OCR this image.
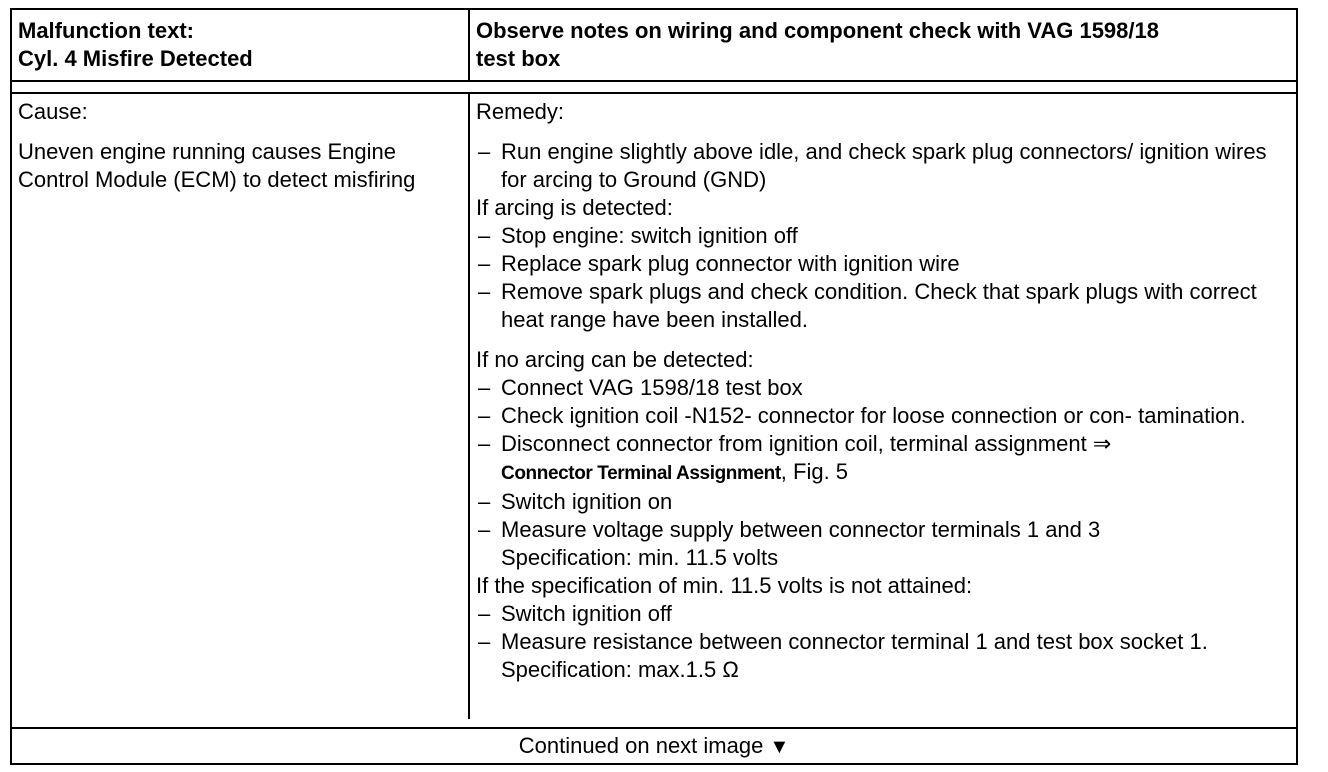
Malfunction text:
Cyl. 4 Misfire Detected
Observe notes on wiring and component check with VAG 1598/18
test box

Cause:

Uneven engine running causes Engine Control Module (ECM) to detect misfiring

Remedy:

– Run engine slightly above idle, and check spark plug connectors/ ignition wires for arcing to Ground (GND)

If arcing is detected:

– Stop engine: switch ignition off
– Replace spark plug connector with ignition wire
– Remove spark plugs and check condition. Check that spark plugs with correct heat range have been installed.

If no arcing can be detected:

– Connect VAG 1598/18 test box
– Check ignition coil -N152- connector for loose connection or con- tamination.
– Disconnect connector from ignition coil, terminal assignment ⇒
Connector Terminal Assignment, Fig. 5
– Switch ignition on
– Measure voltage supply between connector terminals 1 and 3
Specification: min. 11.5 volts

If the specification of min. 11.5 volts is not attained:

– Switch ignition off
– Measure resistance between connector terminal 1 and test box socket 1. Specification: max.1.5 Ω
Continued on next image ▼
